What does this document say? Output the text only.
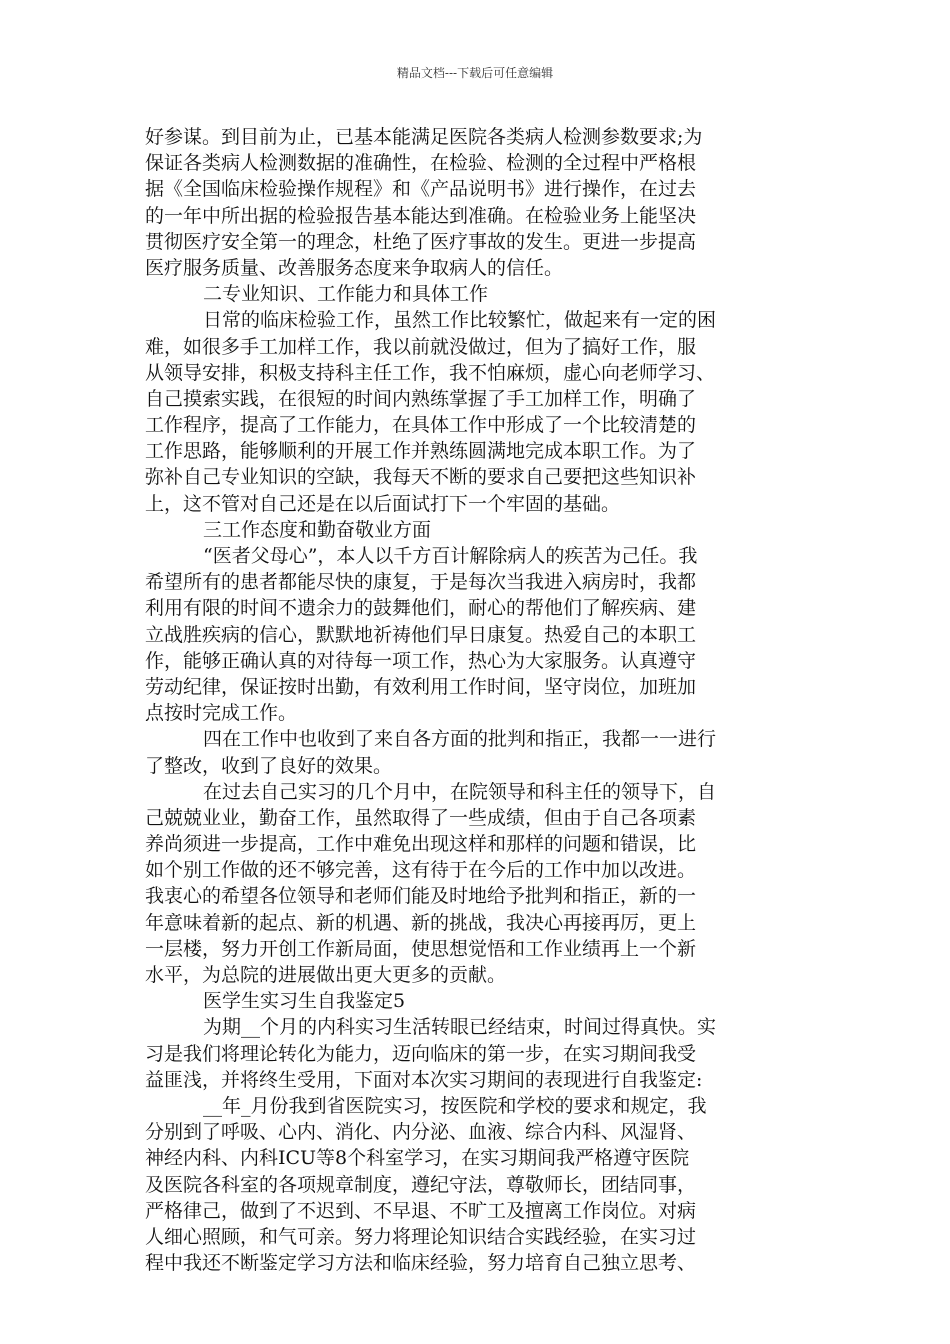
精品文档---下载后可任意编辑
好参谋。到目前为止，已基本能满足医院各类病人检测参数要求;为
保证各类病人检测数据的准确性，在检验、检测的全过程中严格根
据《全国临床检验操作规程》和《产品说明书》进行操作，在过去
的一年中所出据的检验报告基本能达到准确。在检验业务上能坚决
贯彻医疗安全第一的理念，杜绝了医疗事故的发生。更进一步提高
医疗服务质量、改善服务态度来争取病人的信任。
二专业知识、工作能力和具体工作
日常的临床检验工作，虽然工作比较繁忙，做起来有一定的困
难，如很多手工加样工作，我以前就没做过，但为了搞好工作，服
从领导安排，积极支持科主任工作，我不怕麻烦，虚心向老师学习、
自己摸索实践，在很短的时间内熟练掌握了手工加样工作，明确了
工作程序，提高了工作能力，在具体工作中形成了一个比较清楚的
工作思路，能够顺利的开展工作并熟练圆满地完成本职工作。为了
弥补自己专业知识的空缺，我每天不断的要求自己要把这些知识补
上，这不管对自己还是在以后面试打下一个牢固的基础。
三工作态度和勤奋敬业方面
“医者父母心”，本人以千方百计解除病人的疾苦为己任。我
希望所有的患者都能尽快的康复，于是每次当我进入病房时，我都
利用有限的时间不遗余力的鼓舞他们，耐心的帮他们了解疾病、建
立战胜疾病的信心，默默地祈祷他们早日康复。热爱自己的本职工
作，能够正确认真的对待每一项工作，热心为大家服务。认真遵守
劳动纪律，保证按时出勤，有效利用工作时间，坚守岗位，加班加
点按时完成工作。
四在工作中也收到了来自各方面的批判和指正，我都一一进行
了整改，收到了良好的效果。
在过去自己实习的几个月中，在院领导和科主任的领导下，自
己兢兢业业，勤奋工作，虽然取得了一些成绩，但由于自己各项素
养尚须进一步提高，工作中难免出现这样和那样的问题和错误，比
如个别工作做的还不够完善，这有待于在今后的工作中加以改进。
我衷心的希望各位领导和老师们能及时地给予批判和指正，新的一
年意味着新的起点、新的机遇、新的挑战，我决心再接再厉，更上
一层楼，努力开创工作新局面，使思想觉悟和工作业绩再上一个新
水平，为总院的进展做出更大更多的贡献。
医学生实习生自我鉴定5
为期__个月的内科实习生活转眼已经结束，时间过得真快。实
习是我们将理论转化为能力，迈向临床的第一步，在实习期间我受
益匪浅，并将终生受用，下面对本次实习期间的表现进行自我鉴定:
__年_月份我到省医院实习，按医院和学校的要求和规定，我
分别到了呼吸、心内、消化、内分泌、血液、综合内科、风湿肾、
神经内科、内科ICU等8个科室学习，在实习期间我严格遵守医院
及医院各科室的各项规章制度，遵纪守法，尊敬师长，团结同事，
严格律己，做到了不迟到、不早退、不旷工及擅离工作岗位。对病
人细心照顾，和气可亲。努力将理论知识结合实践经验，在实习过
程中我还不断鉴定学习方法和临床经验，努力培育自己独立思考、
